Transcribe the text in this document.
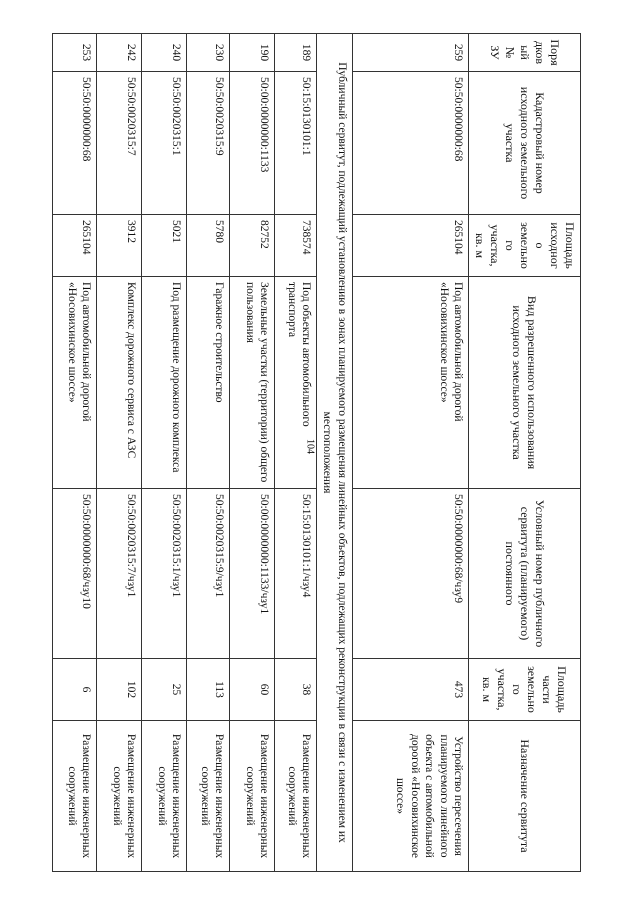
104
Порядковый № ЗУ	Кадастровый номер исходного земельного участка	Площадь исходного земельного участка, кв. м	Вид разрешенного использования исходного земельного участка	Условный номер публичного сервитута (планируемого) постоянного	Площадь части земельного участка, кв. м	Назначение сервитута
259	50:50:0000000:68	265104	Под автомобильной дорогой «Носовихинское шоссе»	50:50:0000000:68/чзу9	473	Устройство пересечения планируемого линейного объекта с автомобильной дорогой «Носовихинское шоссе»
Публичный сервитут, подлежащий установлению в зонах планируемого размещения линейных объектов, подлежащих реконструкции в связи с изменением их местоположения						
189	50:15:0130101:1	738574	Под объекты автомобильного транспорта	50:15:0130101:1/чзу4	38	Размещение инженерных сооружений
190	50:00:0000000:1133	82752	Земельные участки (территории) общего пользования	50:00:0000000:1133/чзу1	60	Размещение инженерных сооружений
230	50:50:0020315:9	5780	Гаражное строительство	50:50:0020315:9/чзу1	113	Размещение инженерных сооружений
240	50:50:0020315:1	5021	Под размещение дорожного комплекса	50:50:0020315:1/чзу1	25	Размещение инженерных сооружений
242	50:50:0020315:7	3912	Комплекс дорожного сервиса с АЗС	50:50:0020315:7/чзу1	102	Размещение инженерных сооружений
253	50:50:0000000:68	265104	Под автомобильной дорогой «Носовихинское шоссе»	50:50:0000000:68/чзу10	6	Размещение инженерных сооружений
